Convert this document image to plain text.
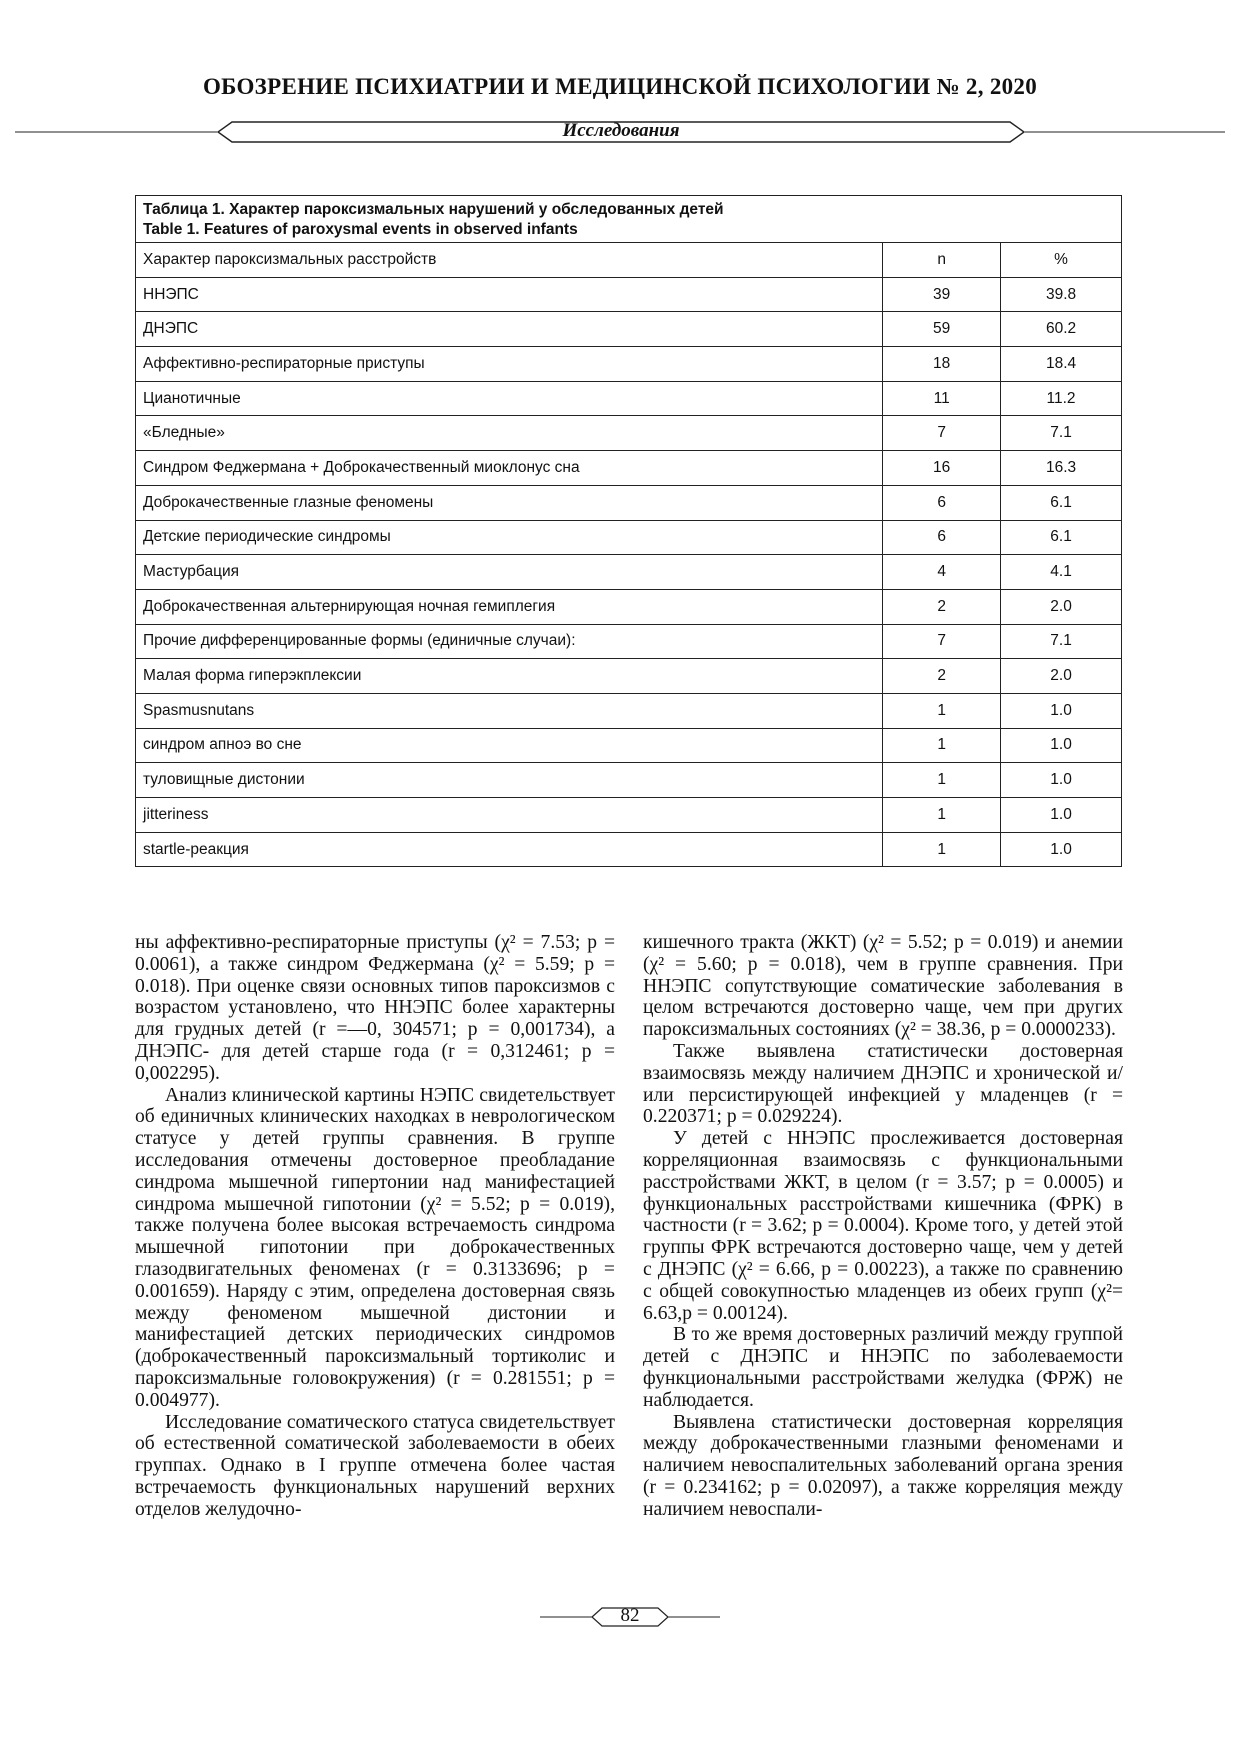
ОБОЗРЕНИЕ ПСИХИАТРИИ И МЕДИЦИНСКОЙ ПСИХОЛОГИИ № 2, 2020
Исследования
Таблица 1. Характер пароксизмальных нарушений у обследованных детей
Table 1. Features of paroxysmal events in observed infants		

Характер пароксизмальных расстройств	n	%
ННЭПС	39	39.8
ДНЭПС	59	60.2
Аффективно-респираторные приступы	18	18.4
Цианотичные	11	11.2
«Бледные»	7	7.1
Синдром Феджермана + Доброкачественный миоклонус сна	16	16.3
Доброкачественные глазные феномены	6	6.1
Детские периодические синдромы	6	6.1
Мастурбация	4	4.1
Доброкачественная альтернирующая ночная гемиплегия	2	2.0
Прочие дифференцированные формы (единичные случаи):	7	7.1
Малая форма гиперэкплексии	2	2.0
Spasmusnutans	1	1.0
синдром апноэ во сне	1	1.0
туловищные дистонии	1	1.0
jitteriness	1	1.0
startle-реакция	1	1.0

ны аффективно-респираторные приступы (χ² = 7.53; р = 0.0061), а также синдром Феджермана (χ² = 5.59; р = 0.018). При оценке связи основных типов пароксизмов с возрастом установлено, что ННЭПС более характерны для грудных детей (r =—0, 304571; p = 0,001734), а ДНЭПС- для детей старше года (r = 0,312461; p = 0,002295).

Анализ клинической картины НЭПС свидетельствует об единичных клинических находках в неврологическом статусе у детей группы сравнения. В группе исследования отмечены достоверное преобладание синдрома мышечной гипертонии над манифестацией синдрома мышечной гипотонии (χ² = 5.52; р = 0.019), также получена более высокая встречаемость синдрома мышечной гипотонии при доброкачественных глазодвигательных феноменах (r = 0.3133696; p = 0.001659). Наряду с этим, определена достоверная связь между феноменом мышечной дистонии и манифестацией детских периодических синдромов (доброкачественный пароксизмальный тортиколис и пароксизмальные головокружения) (r = 0.281551; p = 0.004977).

Исследование соматического статуса свидетельствует об естественной соматической заболеваемости в обеих группах. Однако в I группе отмечена более частая встречаемость функциональных нарушений верхних отделов желудочно-

кишечного тракта (ЖКТ) (χ² = 5.52; р = 0.019) и анемии (χ² = 5.60; р = 0.018), чем в группе сравнения. При ННЭПС сопутствующие соматические заболевания в целом встречаются достоверно чаще, чем при других пароксизмальных состояниях (χ² = 38.36, p = 0.0000233).

Также выявлена статистически достоверная взаимосвязь между наличием ДНЭПС и хронической и/или персистирующей инфекцией у младенцев (r = 0.220371; p = 0.029224).

У детей с ННЭПС прослеживается достоверная корреляционная взаимосвязь с функциональными расстройствами ЖКТ, в целом (r = 3.57; p = 0.0005) и функциональных расстройствами кишечника (ФРК) в частности (r = 3.62; p = 0.0004). Кроме того, у детей этой группы ФРК встречаются достоверно чаще, чем у детей с ДНЭПС (χ² = 6.66, р = 0.00223), а также по сравнению с общей совокупностью младенцев из обеих групп (χ²= 6.63,p = 0.00124).

В то же время достоверных различий между группой детей с ДНЭПС и ННЭПС по заболеваемости функциональными расстройствами желудка (ФРЖ) не наблюдается.

Выявлена статистически достоверная корреляция между доброкачественными глазными феноменами и наличием невоспалительных заболеваний органа зрения (r = 0.234162; p = 0.02097), а также корреляция между наличием невоспали-

82
